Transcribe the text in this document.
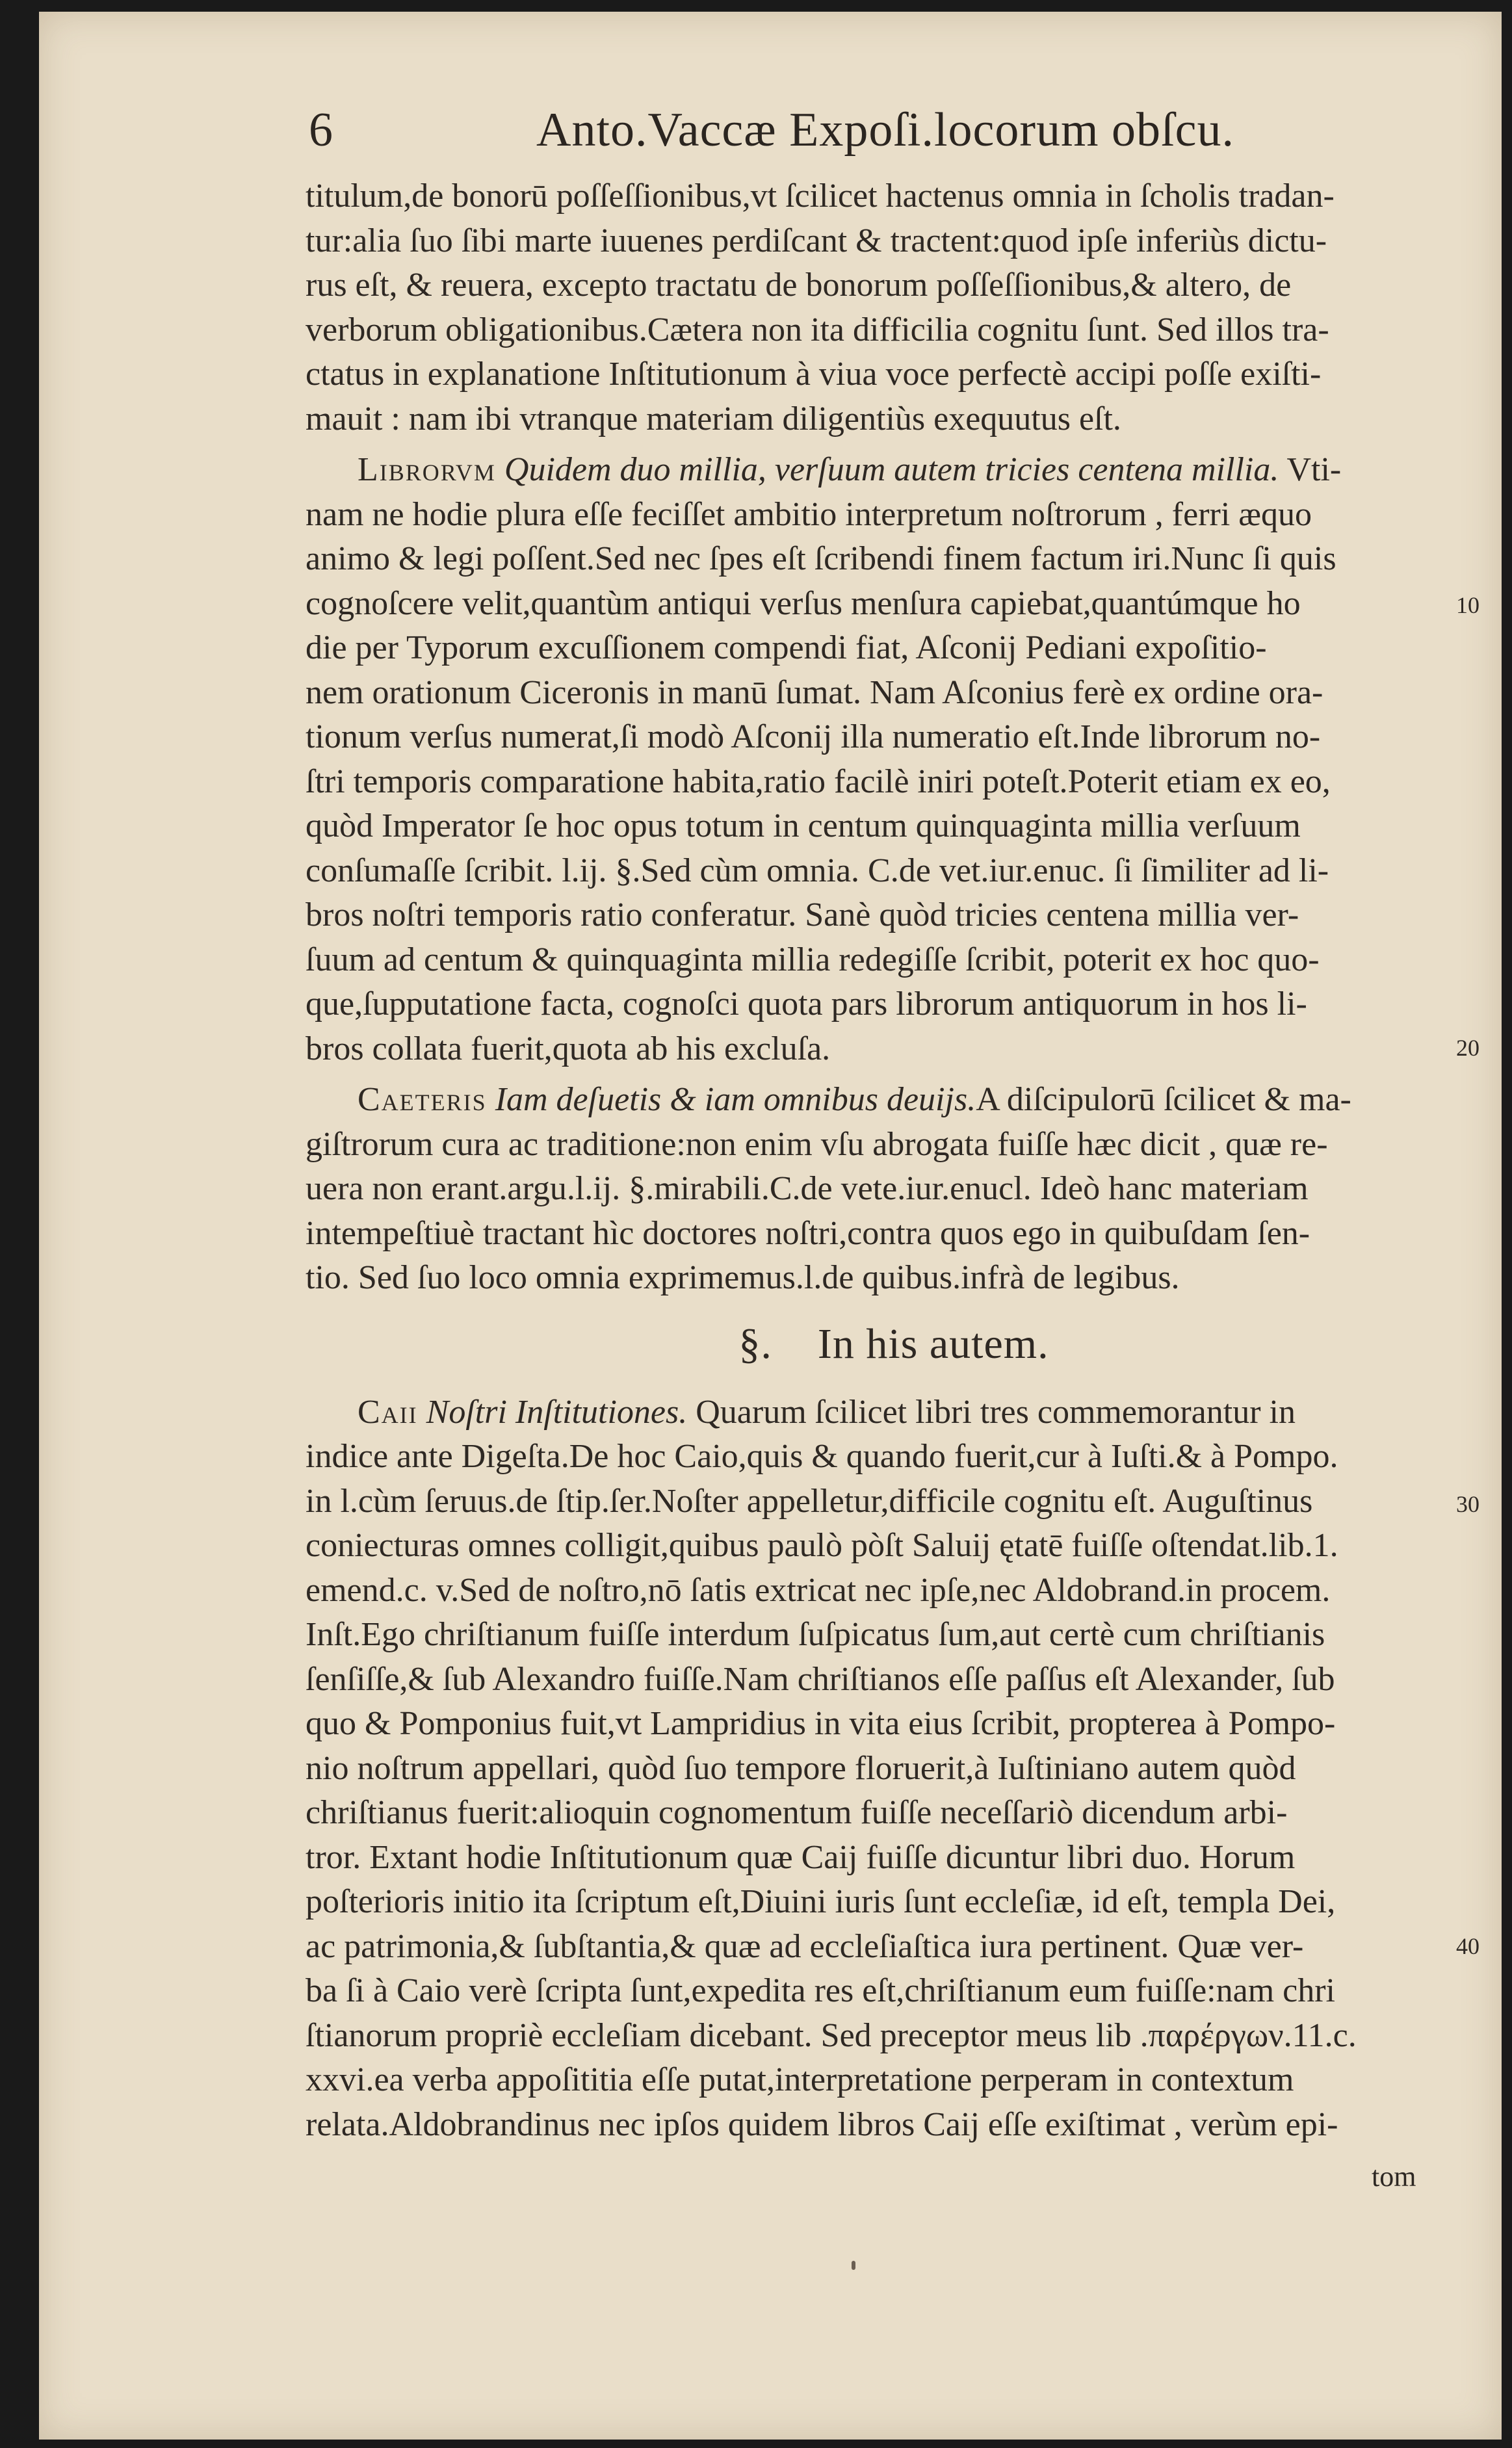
6	Anto.Vaccæ Expoſi.locorum obſcu.

titulum,de bonorū poſſeſſionibus,vt ſcilicet hactenus omnia in ſcholis tradan-
tur:alia ſuo ſibi marte iuuenes perdiſcant & tractent:quod ipſe inferiùs dictu-
rus eſt, & reuera, excepto tractatu de bonorum poſſeſſionibus,& altero, de
verborum obligationibus.Cætera non ita difficilia cognitu ſunt. Sed illos tra-
ctatus in explanatione Inſtitutionum à viua voce perfectè accipi poſſe exiſti-
mauit : nam ibi vtranque materiam diligentiùs exequutus eſt.

Librorvm Quidem duo millia, verſuum autem tricies centena millia. Vti-
nam ne hodie plura eſſe feciſſet ambitio interpretum noſtrorum , ferri æquo
animo & legi poſſent.Sed nec ſpes eſt ſcribendi finem factum iri.Nunc ſi quis
cognoſcere velit,quantùm antiqui verſus menſura capiebat,quantúmque ho
die per Typorum excuſſionem compendi fiat, Aſconij Pediani expoſitio-
nem orationum Ciceronis in manū ſumat. Nam Aſconius ferè ex ordine ora-
tionum verſus numerat,ſi modò Aſconij illa numeratio eſt.Inde librorum no-
ſtri temporis comparatione habita,ratio facilè iniri poteſt.Poterit etiam ex eo,
quòd Imperator ſe hoc opus totum in centum quinquaginta millia verſuum
conſumaſſe ſcribit. l.ij. §.Sed cùm omnia. C.de vet.iur.enuc. ſi ſimiliter ad li-
bros noſtri temporis ratio conferatur. Sanè quòd tricies centena millia ver-
ſuum ad centum & quinquaginta millia redegiſſe ſcribit, poterit ex hoc quo-
que,ſupputatione facta, cognoſci quota pars librorum antiquorum in hos li-
bros collata fuerit,quota ab his excluſa.

Caeteris Iam deſuetis & iam omnibus deuijs.A diſcipulorū ſcilicet & ma-
giſtrorum cura ac traditione:non enim vſu abrogata fuiſſe hæc dicit , quæ re-
uera non erant.argu.l.ij. §.mirabili.C.de vete.iur.enucl. Ideò hanc materiam
intempeſtiuè tractant hìc doctores noſtri,contra quos ego in quibuſdam ſen-
tio. Sed ſuo loco omnia exprimemus.l.de quibus.infrà de legibus.

§. In his autem.

Caii Noſtri Inſtitutiones. Quarum ſcilicet libri tres commemorantur in
indice ante Digeſta.De hoc Caio,quis & quando fuerit,cur à Iuſti.& à Pompo.
in l.cùm ſeruus.de ſtip.ſer.Noſter appelletur,difficile cognitu eſt. Auguſtinus
coniecturas omnes colligit,quibus paulò pòſt Saluij ętatē fuiſſe oſtendat.lib.1.
emend.c. v.Sed de noſtro,nō ſatis extricat nec ipſe,nec Aldobrand.in procem.
Inſt.Ego chriſtianum fuiſſe interdum ſuſpicatus ſum,aut certè cum chriſtianis
ſenſiſſe,& ſub Alexandro fuiſſe.Nam chriſtianos eſſe paſſus eſt Alexander, ſub
quo & Pomponius fuit,vt Lampridius in vita eius ſcribit, propterea à Pompo-
nio noſtrum appellari, quòd ſuo tempore floruerit,à Iuſtiniano autem quòd
chriſtianus fuerit:alioquin cognomentum fuiſſe neceſſariò dicendum arbi-
tror. Extant hodie Inſtitutionum quæ Caij fuiſſe dicuntur libri duo. Horum
poſterioris initio ita ſcriptum eſt,Diuini iuris ſunt eccleſiæ, id eſt, templa Dei,
ac patrimonia,& ſubſtantia,& quæ ad eccleſiaſtica iura pertinent. Quæ ver-
ba ſi à Caio verè ſcripta ſunt,expedita res eſt,chriſtianum eum fuiſſe:nam chri
ſtianorum propriè eccleſiam dicebant. Sed preceptor meus lib .παρέργων.11.c.
xxvi.ea verba appoſititia eſſe putat,interpretatione perperam in contextum
relata.Aldobrandinus nec ipſos quidem libros Caij eſſe exiſtimat , verùm epi-

10
20
30
40
tom
